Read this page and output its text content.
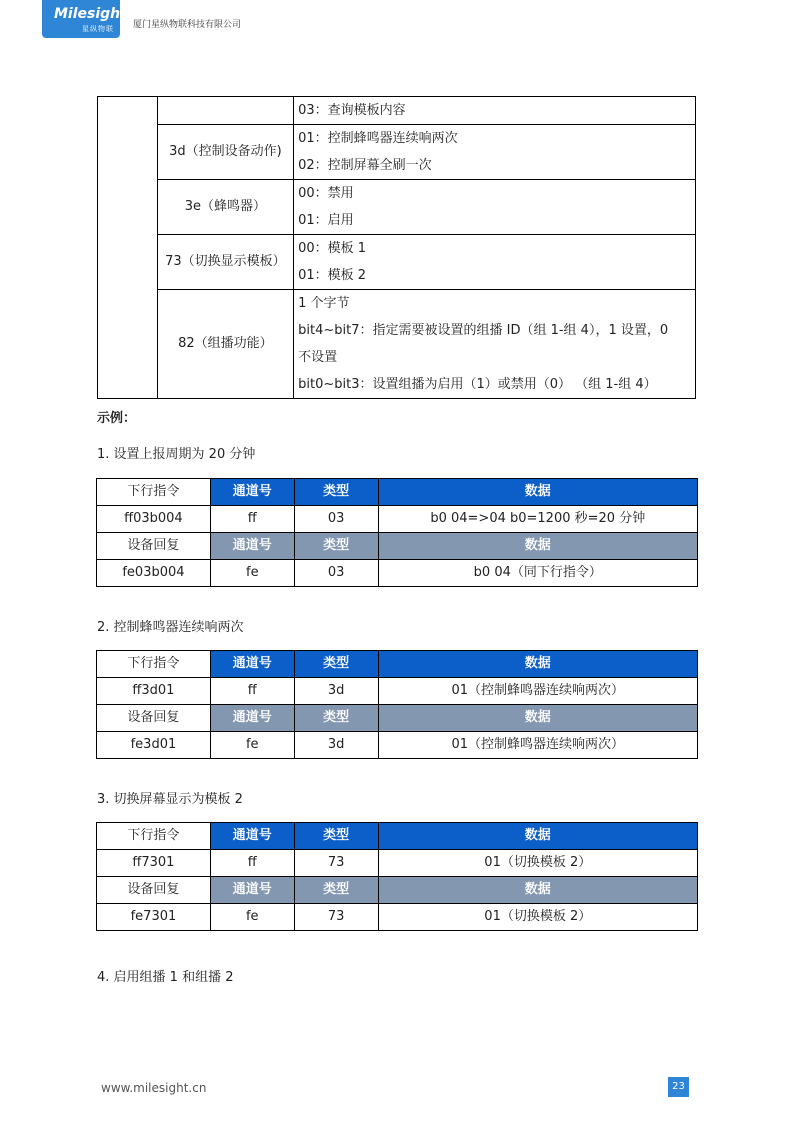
Milesight
星纵物联 厦门星纵物联科技有限公司

		03：查询模板内容

	3d（控制设备动作)	01：控制蜂鸣器连续响两次
02：控制屏幕全刷一次

	3e（蜂鸣器）	00：禁用
01：启用

	73（切换显示模板）	00：模板 1
01：模板 2

	82（组播功能）	1 个字节
bit4~bit7：指定需要被设置的组播 ID（组 1-组 4），1 设置，0
不设置
bit0~bit3：设置组播为启用（1）或禁用（0） （组 1-组 4）
示例：
1. 设置上报周期为 20 分钟
下行指令	通道号	类型	数据
ff03b004	ff	03	b0 04=>04 b0=1200 秒=20 分钟
设备回复	通道号	类型	数据
fe03b004	fe	03	b0 04（同下行指令）
2. 控制蜂鸣器连续响两次
下行指令	通道号	类型	数据
ff3d01	ff	3d	01（控制蜂鸣器连续响两次）
设备回复	通道号	类型	数据
fe3d01	fe	3d	01（控制蜂鸣器连续响两次）
3. 切换屏幕显示为模板 2
下行指令	通道号	类型	数据
ff7301	ff	73	01（切换模板 2）
设备回复	通道号	类型	数据
fe7301	fe	73	01（切换模板 2）
4. 启用组播 1 和组播 2
www.milesight.cn	23
